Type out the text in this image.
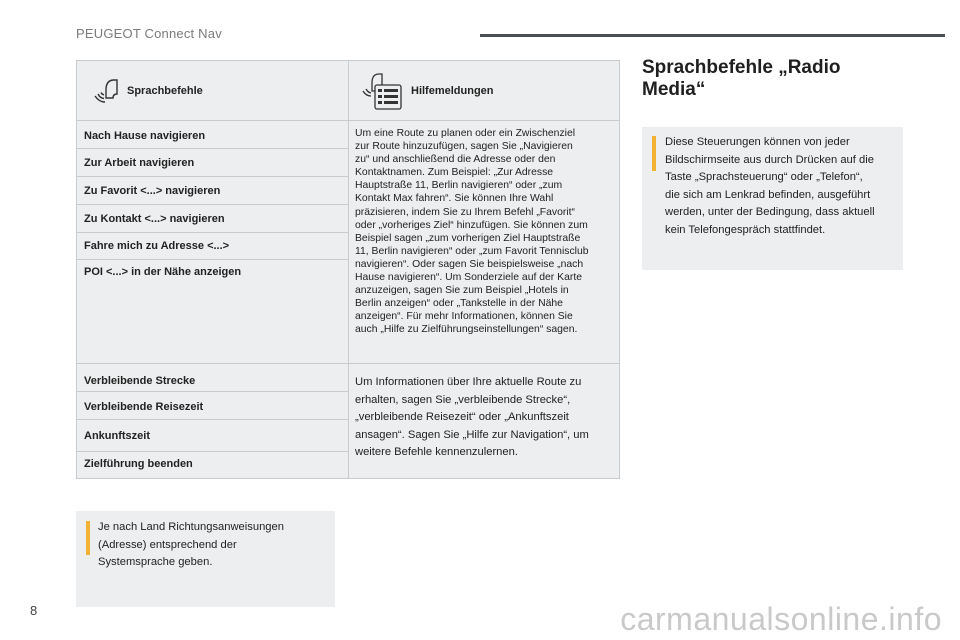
PEUGEOT Connect Nav
Sprachbefehle	Hilfemeldungen
Nach Hause navigieren
Zur Arbeit navigieren
Zu Favorit <...> navigieren
Zu Kontakt <...> navigieren
Fahre mich zu Adresse <...>
POI <...> in der Nähe anzeigen
Um eine Route zu planen oder ein Zwischenziel
zur Route hinzuzufügen, sagen Sie „Navigieren
zu“ und anschließend die Adresse oder den
Kontaktnamen. Zum Beispiel: „Zur Adresse
Hauptstraße 11, Berlin navigieren“ oder „zum
Kontakt Max fahren“. Sie können Ihre Wahl
präzisieren, indem Sie zu Ihrem Befehl „Favorit“
oder „vorheriges Ziel“ hinzufügen. Sie können zum
Beispiel sagen „zum vorherigen Ziel Hauptstraße
11, Berlin navigieren“ oder „zum Favorit Tennisclub
navigieren“. Oder sagen Sie beispielsweise „nach
Hause navigieren“. Um Sonderziele auf der Karte
anzuzeigen, sagen Sie zum Beispiel „Hotels in
Berlin anzeigen“ oder „Tankstelle in der Nähe
anzeigen“. Für mehr Informationen, können Sie
auch „Hilfe zu Zielführungseinstellungen“ sagen.
Verbleibende Strecke
Verbleibende Reisezeit
Ankunftszeit
Zielführung beenden
Um Informationen über Ihre aktuelle Route zu
erhalten, sagen Sie „verbleibende Strecke“,
„verbleibende Reisezeit“ oder „Ankunftszeit
ansagen“. Sagen Sie „Hilfe zur Navigation“, um
weitere Befehle kennenzulernen.
Je nach Land Richtungsanweisungen
(Adresse) entsprechend der
Systemsprache geben.
Sprachbefehle „Radio
Media“
Diese Steuerungen können von jeder
Bildschirmseite aus durch Drücken auf die
Taste „Sprachsteuerung“ oder „Telefon“,
die sich am Lenkrad befinden, ausgeführt
werden, unter der Bedingung, dass aktuell
kein Telefongespräch stattfindet.
8	carmanualsonline.info
